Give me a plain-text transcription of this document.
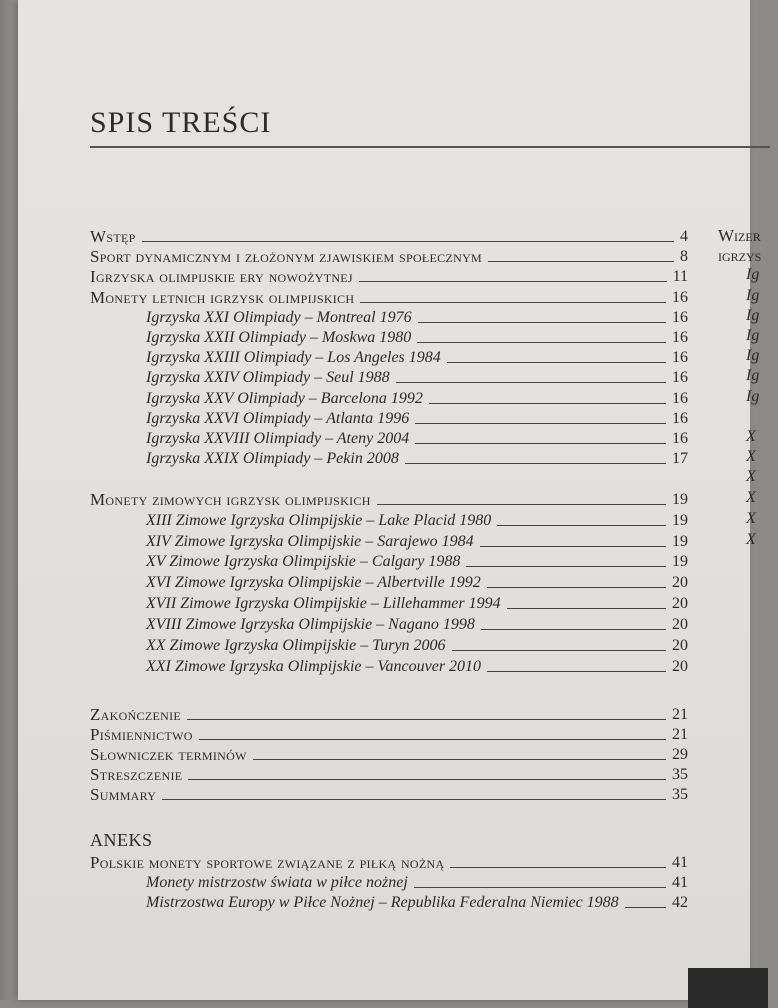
SPIS TREŚCI
Wstęp	4
Sport dynamicznym i złożonym zjawiskiem społecznym	8
Igrzyska olimpijskie ery nowożytnej	11
Monety letnich igrzysk olimpijskich	16
Igrzyska XXI Olimpiady – Montreal 1976	16
Igrzyska XXII Olimpiady – Moskwa 1980	16
Igrzyska XXIII Olimpiady – Los Angeles 1984	16
Igrzyska XXIV Olimpiady – Seul 1988	16
Igrzyska XXV Olimpiady – Barcelona 1992	16
Igrzyska XXVI Olimpiady – Atlanta 1996	16
Igrzyska XXVIII Olimpiady – Ateny 2004	16
Igrzyska XXIX Olimpiady – Pekin 2008	17
Monety zimowych igrzysk olimpijskich	19
XIII Zimowe Igrzyska Olimpijskie – Lake Placid 1980	19
XIV Zimowe Igrzyska Olimpijskie – Sarajewo 1984	19
XV Zimowe Igrzyska Olimpijskie – Calgary 1988	19
XVI Zimowe Igrzyska Olimpijskie – Albertville 1992	20
XVII Zimowe Igrzyska Olimpijskie – Lillehammer 1994	20
XVIII Zimowe Igrzyska Olimpijskie – Nagano 1998	20
XX Zimowe Igrzyska Olimpijskie – Turyn 2006	20
XXI Zimowe Igrzyska Olimpijskie – Vancouver 2010	20
Zakończenie	21
Piśmiennictwo	21
Słowniczek terminów	29
Streszczenie	35
Summary	35
Polskie monety sportowe związane z piłką nożną	41
Monety mistrzostw świata w piłce nożnej	41
Mistrzostwa Europy w Piłce Nożnej – Republika Federalna Niemiec 1988	42
ANEKS
Wizer
igrzys
Ig
Ig
Ig
Ig
Ig
Ig
Ig
X
X
X
X
X
X
